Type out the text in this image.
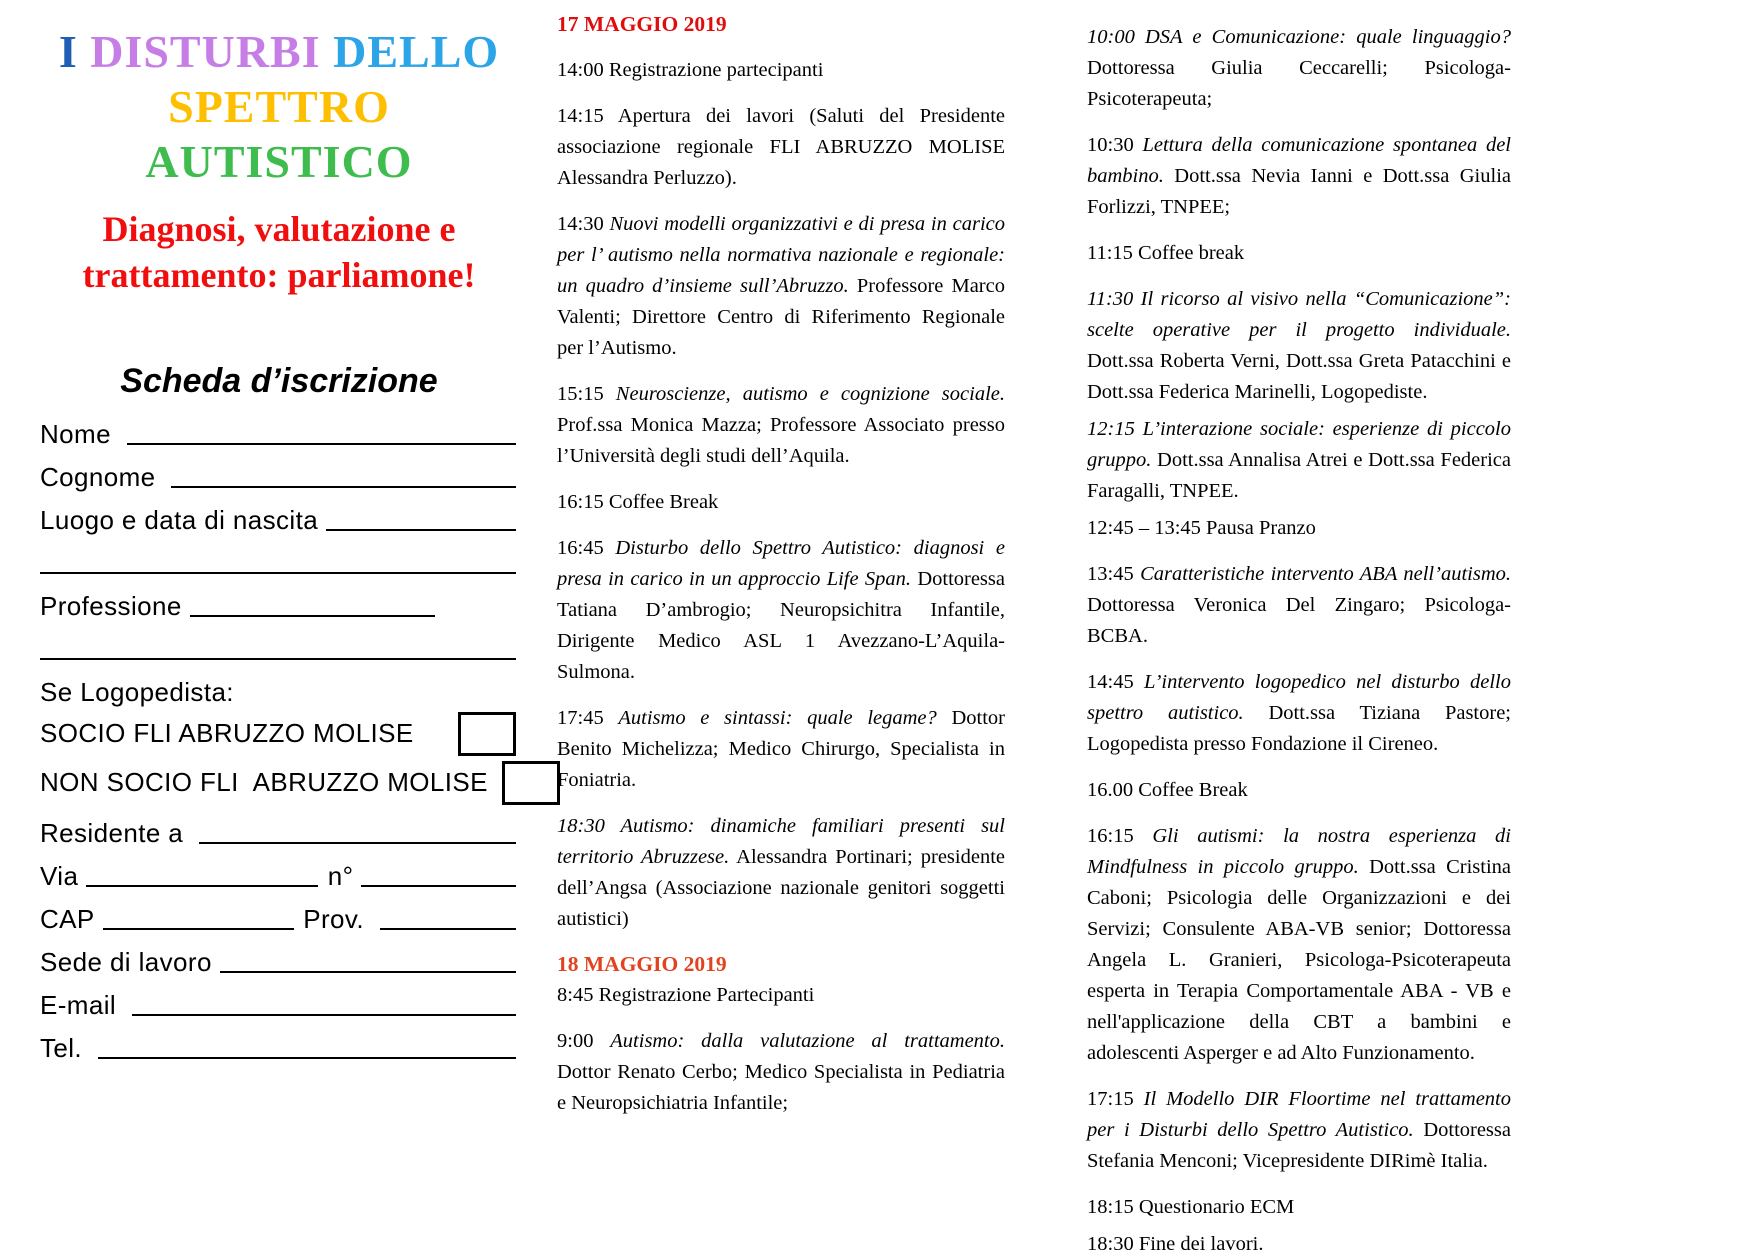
I DISTURBI DELLO
SPETTRO AUTISTICO
Diagnosi, valutazione e
trattamento: parliamone!
Scheda d’iscrizione
Nome
Cognome
Luogo e data di nascita
Professione
Se Logopedista:
SOCIO FLI ABRUZZO MOLISE
NON SOCIO FLI  ABRUZZO MOLISE
Residente a
Via	n°
CAP	Prov.
Sede di lavoro
E-mail
Tel.

17 MAGGIO 2019

14:00 Registrazione partecipanti

14:15 Apertura dei lavori (Saluti del Presidente associazione regionale FLI ABRUZZO MOLISE Alessandra Perluzzo).

14:30 Nuovi modelli organizzativi e di presa in carico per l’ autismo nella normativa nazionale e regionale: un quadro d’insieme sull’Abruzzo. Professore Marco Valenti; Direttore Centro di Riferimento Regionale per l’Autismo.

15:15 Neuroscienze, autismo e cognizione sociale. Prof.ssa Monica Mazza; Professore Associato presso l’Università degli studi dell’Aquila.

16:15 Coffee Break

16:45 Disturbo dello Spettro Autistico: diagnosi e presa in carico in un approccio Life Span. Dottoressa Tatiana D’ambrogio; Neuropsichitra Infantile, Dirigente Medico ASL 1 Avezzano-L’Aquila-Sulmona.

17:45 Autismo e sintassi: quale legame? Dottor Benito Michelizza; Medico Chirurgo, Specialista in Foniatria.

18:30 Autismo: dinamiche familiari presenti sul territorio Abruzzese. Alessandra Portinari; presidente dell’Angsa (Associazione nazionale genitori soggetti autistici)

18 MAGGIO 2019

8:45 Registrazione Partecipanti

9:00 Autismo: dalla valutazione al trattamento. Dottor Renato Cerbo; Medico Specialista in Pediatria e Neuropsichiatria Infantile;

10:00 DSA e Comunicazione: quale linguaggio? Dottoressa Giulia Ceccarelli; Psicologa-Psicoterapeuta;

10:30 Lettura della comunicazione spontanea del bambino. Dott.ssa Nevia Ianni e Dott.ssa Giulia Forlizzi, TNPEE;

11:15 Coffee break

11:30 Il ricorso al visivo nella “Comunicazione”: scelte operative per il progetto individuale. Dott.ssa Roberta Verni, Dott.ssa Greta Patacchini e Dott.ssa Federica Marinelli, Logopediste.

12:15 L’interazione sociale: esperienze di piccolo gruppo. Dott.ssa Annalisa Atrei e Dott.ssa Federica Faragalli, TNPEE.

12:45 – 13:45 Pausa Pranzo

13:45 Caratteristiche intervento ABA nell’autismo. Dottoressa Veronica Del Zingaro; Psicologa-BCBA.

14:45 L’intervento logopedico nel disturbo dello spettro autistico. Dott.ssa Tiziana Pastore; Logopedista presso Fondazione il Cireneo.

16.00 Coffee Break

16:15 Gli autismi: la nostra esperienza di Mindfulness in piccolo gruppo. Dott.ssa Cristina Caboni; Psicologia delle Organizzazioni e dei Servizi; Consulente ABA-VB senior; Dottoressa Angela L. Granieri, Psicologa-Psicoterapeuta esperta in Terapia Comportamentale ABA - VB e nell'applicazione della CBT a bambini e adolescenti Asperger e ad Alto Funzionamento.

17:15 Il Modello DIR Floortime nel trattamento per i Disturbi dello Spettro Autistico. Dottoressa Stefania Menconi; Vicepresidente DIRimè Italia.

18:15 Questionario ECM

18:30 Fine dei lavori.
